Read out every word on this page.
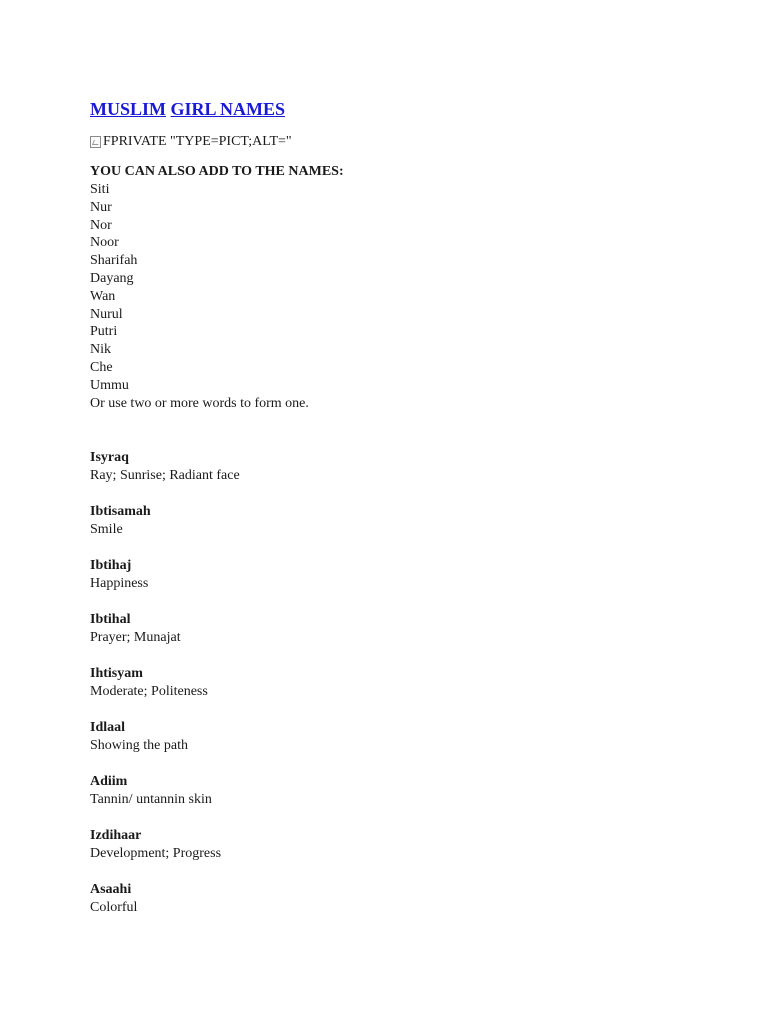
MUSLIM GIRL NAMES
FPRIVATE "TYPE=PICT;ALT="
YOU CAN ALSO ADD TO THE NAMES:
Siti
Nur
Nor
Noor
Sharifah
Dayang
Wan
Nurul
Putri
Nik
Che
Ummu
Or use two or more words to form one.
Isyraq
Ray; Sunrise; Radiant face
Ibtisamah
Smile
Ibtihaj
Happiness
Ibtihal
Prayer; Munajat
Ihtisyam
Moderate; Politeness
Idlaal
Showing the path
Adiim
Tannin/ untannin skin
Izdihaar
Development; Progress
Asaahi
Colorful
